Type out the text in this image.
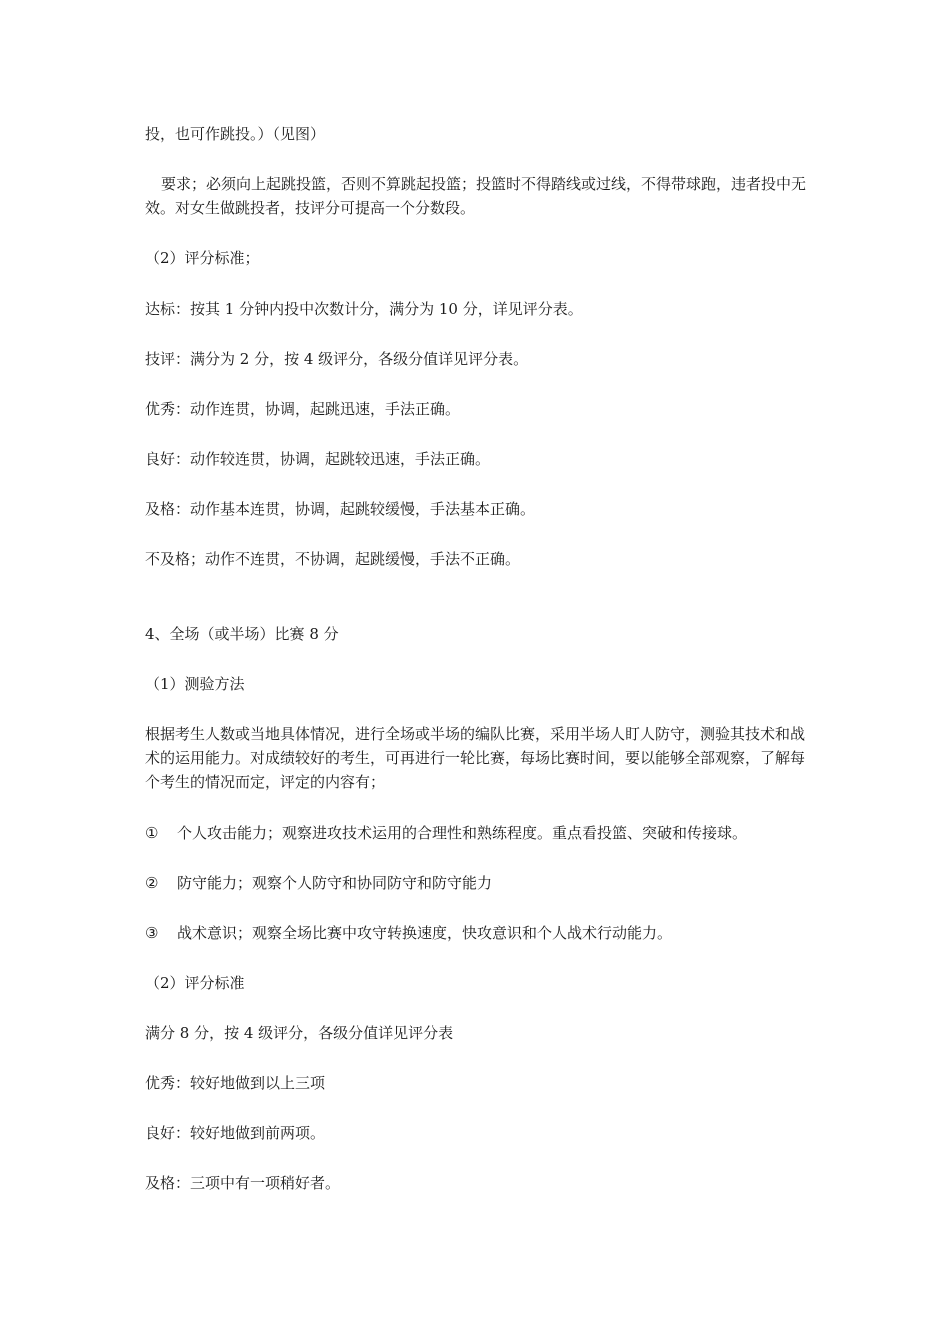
投，也可作跳投。）（见图）

要求；必须向上起跳投篮，否则不算跳起投篮；投篮时不得踏线或过线，不得带球跑，违者投中无效。对女生做跳投者，技评分可提高一个分数段。

（2）评分标准；

达标：按其 1 分钟内投中次数计分，满分为 10 分，详见评分表。

技评：满分为 2 分，按 4 级评分，各级分值详见评分表。

优秀：动作连贯，协调，起跳迅速，手法正确。

良好：动作较连贯，协调，起跳较迅速，手法正确。

及格：动作基本连贯，协调，起跳较缓慢，手法基本正确。

不及格；动作不连贯，不协调，起跳缓慢，手法不正确。

4、全场（或半场）比赛 8 分

（1）测验方法

根据考生人数或当地具体情况，进行全场或半场的编队比赛，采用半场人盯人防守，测验其技术和战术的运用能力。对成绩较好的考生，可再进行一轮比赛，每场比赛时间，要以能够全部观察，了解每个考生的情况而定，评定的内容有；

①	个人攻击能力；观察进攻技术运用的合理性和熟练程度。重点看投篮、突破和传接球。
②	防守能力；观察个人防守和协同防守和防守能力
③	战术意识；观察全场比赛中攻守转换速度，快攻意识和个人战术行动能力。

（2）评分标准

满分 8 分，按 4 级评分，各级分值详见评分表

优秀：较好地做到以上三项

良好：较好地做到前两项。

及格：三项中有一项稍好者。
